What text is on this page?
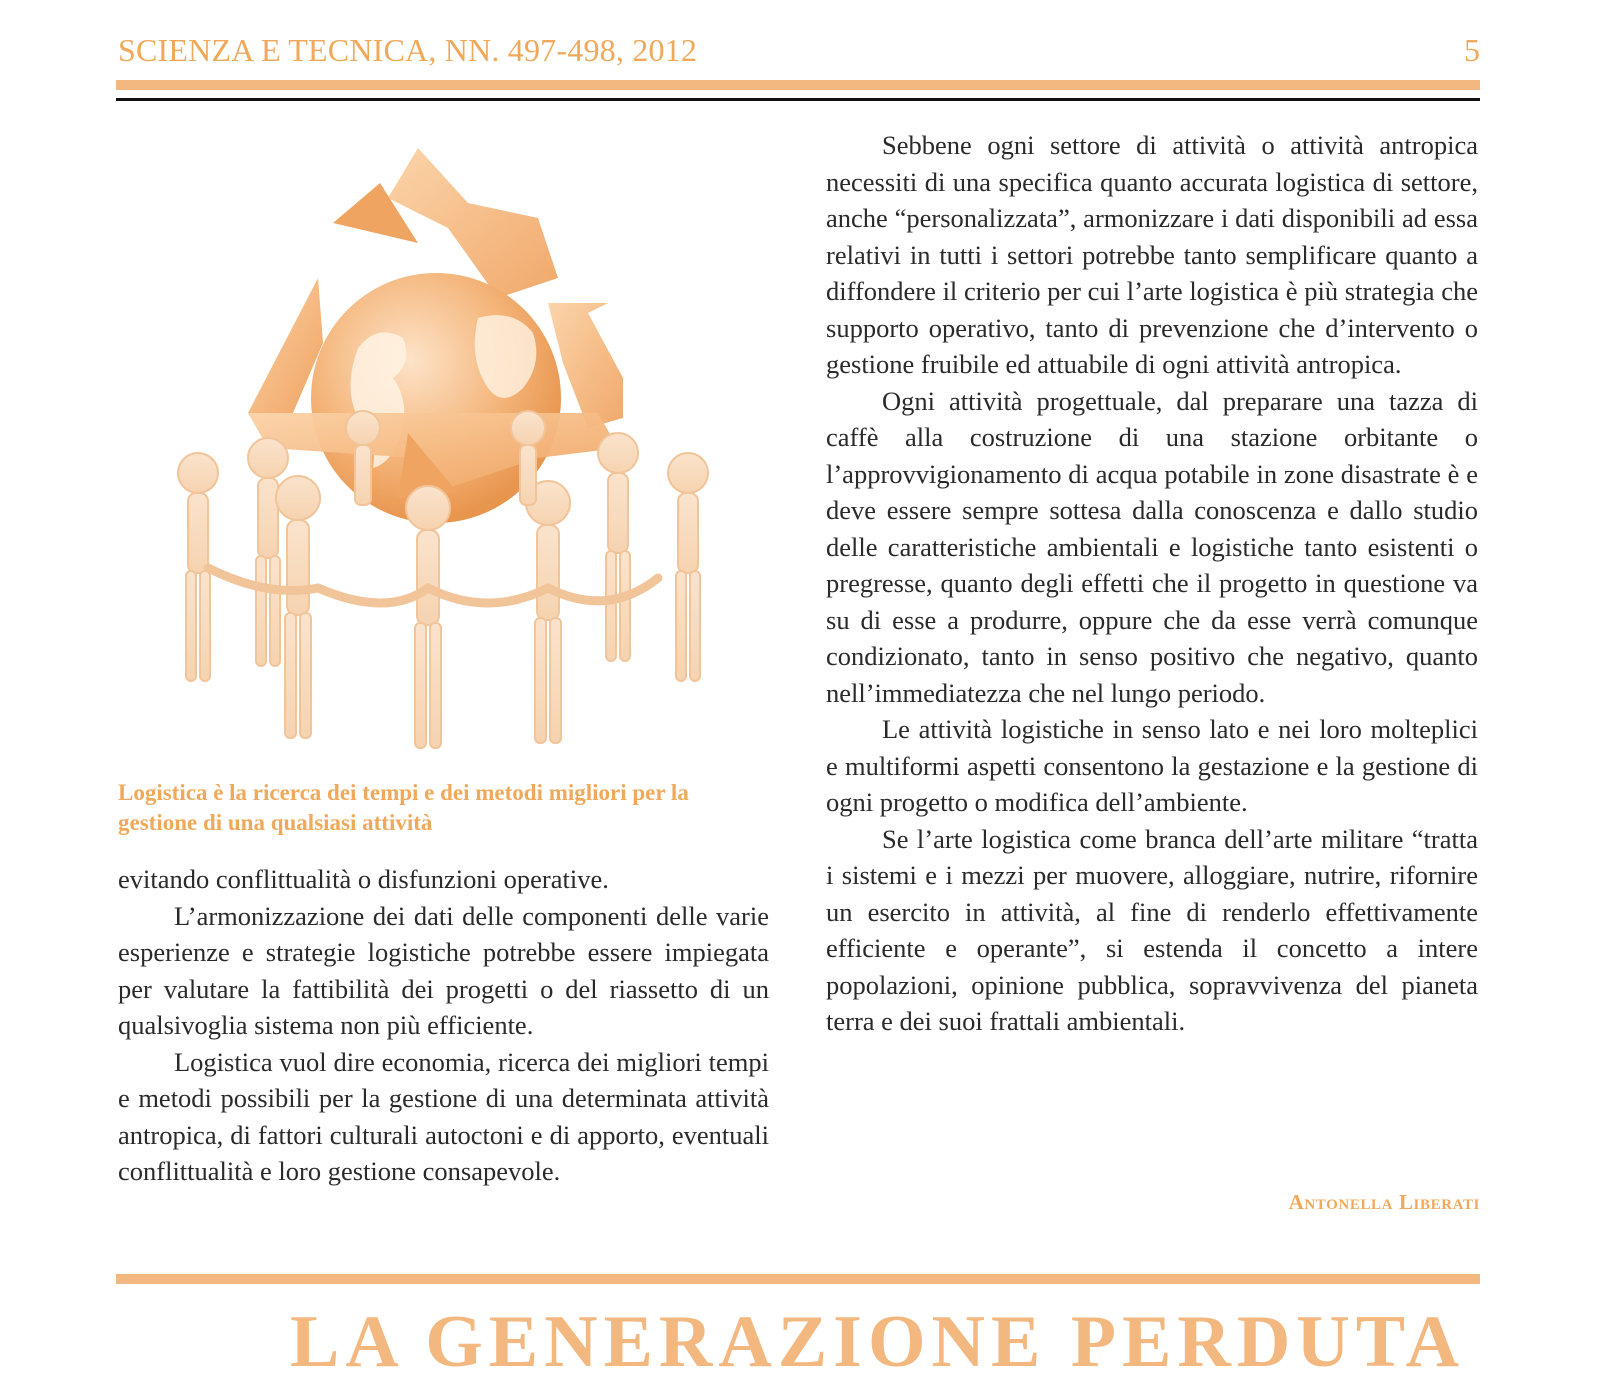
SCIENZA E TECNICA, NN. 497-498, 2012	5
Logistica è la ricerca dei tempi e dei metodi migliori per la gestione di una qualsiasi attività

evitando conflittualità o disfunzioni operative.

L’armonizzazione dei dati delle componenti delle varie esperienze e strategie logistiche potrebbe essere impiegata per valutare la fattibilità dei progetti o del riassetto di un qualsivoglia sistema non più efficiente.

Logistica vuol dire economia, ricerca dei migliori tempi e metodi possibili per la gestione di una determinata attività antropica, di fattori culturali autoctoni e di apporto, eventuali conflittualità e loro gestione consapevole.

Sebbene ogni settore di attività o attività antropica necessiti di una specifica quanto accurata logistica di settore, anche “personalizzata”, armonizzare i dati disponibili ad essa relativi in tutti i settori potrebbe tanto semplificare quanto a diffondere il criterio per cui l’arte logistica è più strategia che supporto operativo, tanto di prevenzione che d’intervento o gestione fruibile ed attuabile di ogni attività antropica.

Ogni attività progettuale, dal preparare una tazza di caffè alla costruzione di una stazione orbitante o l’approvvigionamento di acqua potabile in zone disastrate è e deve essere sempre sottesa dalla conoscenza e dallo studio delle caratteristiche ambientali e logistiche tanto esistenti o pregresse, quanto degli effetti che il progetto in questione va su di esse a produrre, oppure che da esse verrà comunque condizionato, tanto in senso positivo che negativo, quanto nell’immediatezza che nel lungo periodo.

Le attività logistiche in senso lato e nei loro molteplici e multiformi aspetti consentono la gestazione e la gestione di ogni progetto o modifica dell’ambiente.

Se l’arte logistica come branca dell’arte militare “tratta i sistemi e i mezzi per muovere, alloggiare, nutrire, rifornire un esercito in attività, al fine di renderlo effettivamente efficiente e operante”, si estenda il concetto a intere popolazioni, opinione pubblica, sopravvivenza del pianeta terra e dei suoi frattali ambientali.

Antonella Liberati
LA GENERAZIONE PERDUTA
